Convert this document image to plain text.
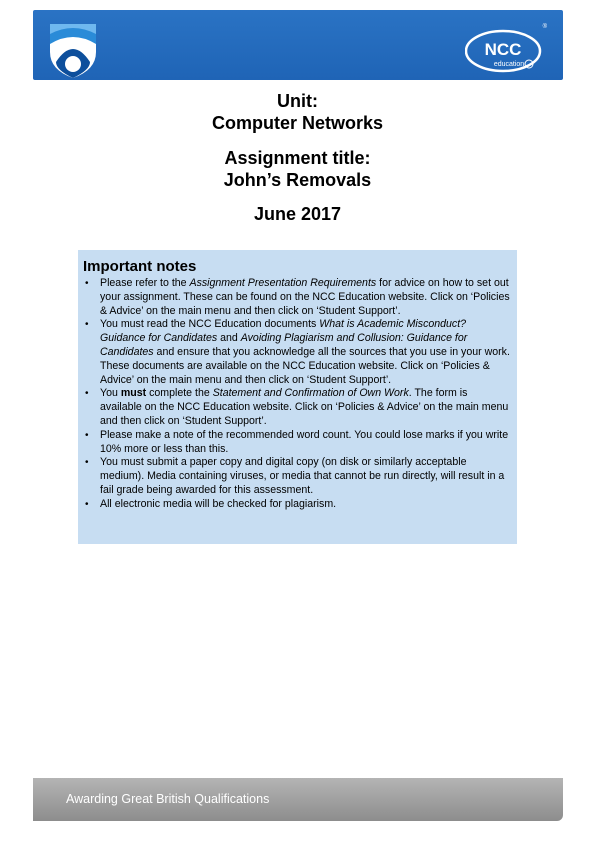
NCC
education
®
Unit:
Computer Networks
Assignment title:
John’s Removals
June 2017
Important notes
• Please refer to the Assignment Presentation Requirements for advice on how to set out your assignment. These can be found on the NCC Education website. Click on ‘Policies & Advice’ on the main menu and then click on ‘Student Support’.
• You must read the NCC Education documents What is Academic Misconduct? Guidance for Candidates and Avoiding Plagiarism and Collusion: Guidance for Candidates and ensure that you acknowledge all the sources that you use in your work. These documents are available on the NCC Education website. Click on ‘Policies & Advice’ on the main menu and then click on ‘Student Support’.
• You must complete the Statement and Confirmation of Own Work. The form is available on the NCC Education website. Click on ‘Policies & Advice’ on the main menu and then click on ‘Student Support’.
• Please make a note of the recommended word count. You could lose marks if you write 10% more or less than this.
• You must submit a paper copy and digital copy (on disk or similarly acceptable medium). Media containing viruses, or media that cannot be run directly, will result in a fail grade being awarded for this assessment.
• All electronic media will be checked for plagiarism.
Awarding Great British Qualifications
